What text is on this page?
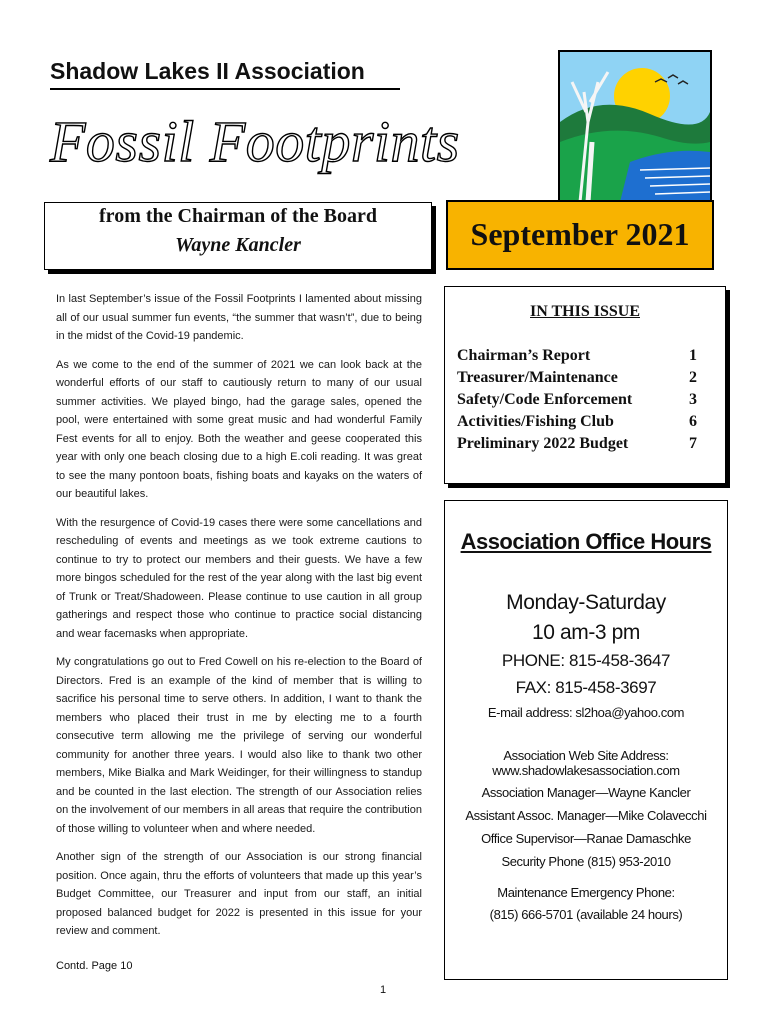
Shadow Lakes II Association
Fossil Footprints
from the Chairman of the Board
Wayne Kancler	September 2021

In last September’s issue of the Fossil Footprints I lamented about missing all of our usual summer fun events, “the summer that wasn’t”, due to being in the midst of the Covid-19 pandemic.

As we come to the end of the summer of 2021 we can look back at the wonderful efforts of our staff to cautiously return to many of our usual summer activities. We played bingo, had the garage sales, opened the pool, were entertained with some great music and had wonderful Family Fest events for all to enjoy. Both the weather and geese cooperated this year with only one beach closing due to a high E.coli reading. It was great to see the many pontoon boats, fishing boats and kayaks on the waters of our beautiful lakes.

With the resurgence of Covid-19 cases there were some cancellations and rescheduling of events and meetings as we took extreme cautions to continue to try to protect our members and their guests. We have a few more bingos scheduled for the rest of the year along with the last big event of Trunk or Treat/Shadoween. Please continue to use caution in all group gatherings and respect those who continue to practice social distancing and wear facemasks when appropriate.

My congratulations go out to Fred Cowell on his re-election to the Board of Directors. Fred is an example of the kind of member that is willing to sacrifice his personal time to serve others. In addition, I want to thank the members who placed their trust in me by electing me to a fourth consecutive term allowing me the privilege of serving our wonderful community for another three years. I would also like to thank two other members, Mike Bialka and Mark Weidinger, for their willingness to standup and be counted in the last election. The strength of our Association relies on the involvement of our members in all areas that require the contribution of those willing to volunteer when and where needed.

Another sign of the strength of our Association is our strong financial position. Once again, thru the efforts of volunteers that made up this year’s Budget Committee, our Treasurer and input from our staff, an initial proposed balanced budget for 2022 is presented in this issue for your review and comment.

Contd. Page 10
1
IN THIS ISSUE
Chairman’s Report	1
Treasurer/Maintenance	2
Safety/Code Enforcement	3
Activities/Fishing Club	6
Preliminary 2022 Budget	7
Association Office Hours
Monday-Saturday
10 am-3 pm
PHONE: 815-458-3647
FAX: 815-458-3697
E-mail address: sl2hoa@yahoo.com
Association Web Site Address:
www.shadowlakesassociation.com
Association Manager—Wayne Kancler
Assistant Assoc. Manager—Mike Colavecchi
Office Supervisor—Ranae Damaschke
Security Phone (815) 953-2010
Maintenance Emergency Phone:
(815) 666-5701 (available 24 hours)
